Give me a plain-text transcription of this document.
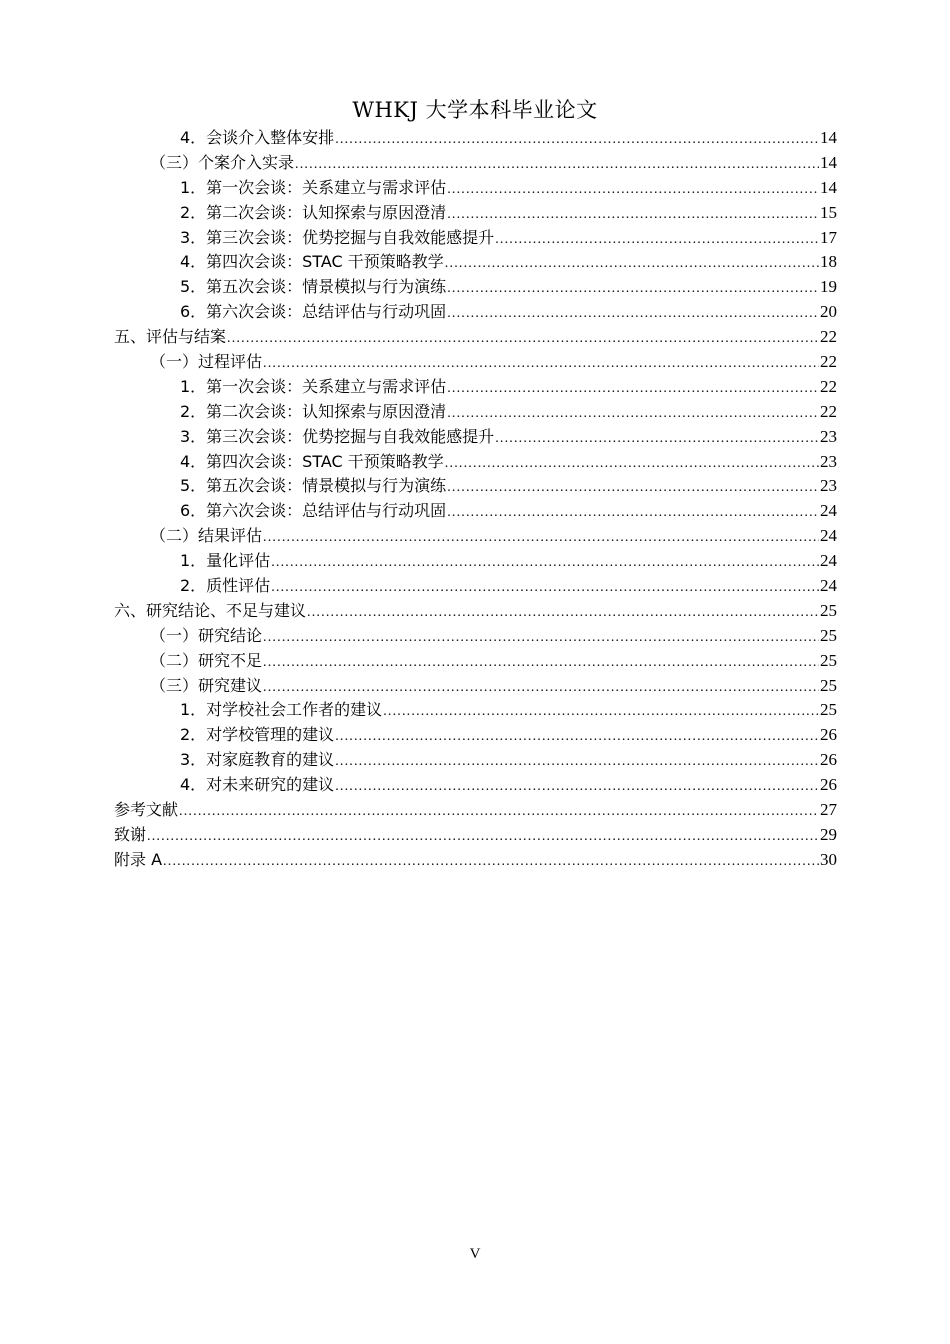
WHKJ 大学本科毕业论文
4．会谈介入整体安排 .....	14
（三）个案介入实录 .....	14
1．第一次会谈：关系建立与需求评估 .....	14
2．第二次会谈：认知探索与原因澄清 .....	15
3．第三次会谈：优势挖掘与自我效能感提升 .....	17
4．第四次会谈：STAC 干预策略教学 .....	18
5．第五次会谈：情景模拟与行为演练 .....	19
6．第六次会谈：总结评估与行动巩固 .....	20
五、评估与结案 .....	22
（一）过程评估 .....	22
1．第一次会谈：关系建立与需求评估 .....	22
2．第二次会谈：认知探索与原因澄清 .....	22
3．第三次会谈：优势挖掘与自我效能感提升 .....	23
4．第四次会谈：STAC 干预策略教学 .....	23
5．第五次会谈：情景模拟与行为演练 .....	23
6．第六次会谈：总结评估与行动巩固 .....	24
（二）结果评估 .....	24
1．量化评估 .....	24
2．质性评估 .....	24
六、研究结论、不足与建议 .....	25
（一）研究结论 .....	25
（二）研究不足 .....	25
（三）研究建议 .....	25
1．对学校社会工作者的建议 .....	25
2．对学校管理的建议 .....	26
3．对家庭教育的建议 .....	26
4．对未来研究的建议 .....	26
参考文献 .....	27
致谢 .....	29
附录 A .....	30
V
